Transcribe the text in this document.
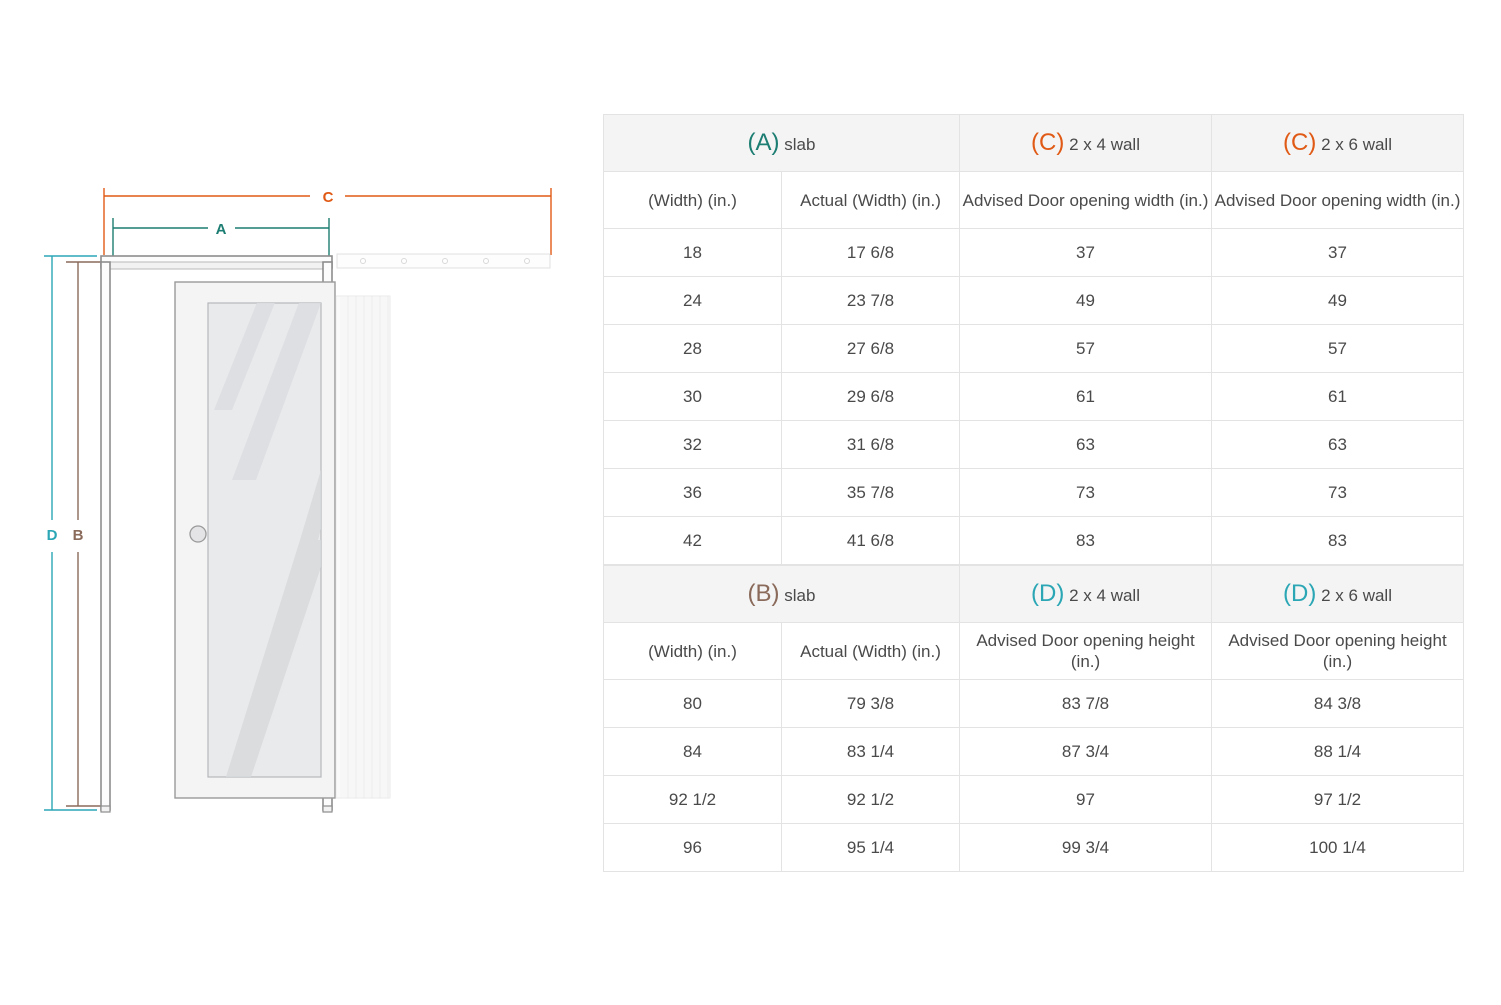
C
A
D B
(A) slab		(C) 2 x 4 wall	(C) 2 x 6 wall
(Width) (in.)	Actual (Width) (in.)	Advised Door opening width (in.)	Advised Door opening width (in.)
18	17 6/8	37	37
24	23 7/8	49	49
28	27 6/8	57	57
30	29 6/8	61	61
32	31 6/8	63	63
36	35 7/8	73	73
42	41 6/8	83	83
(B) slab		(D) 2 x 4 wall	(D) 2 x 6 wall
(Width) (in.)	Actual (Width) (in.)	Advised Door opening height (in.)	Advised Door opening height (in.)
80	79 3/8	83 7/8	84 3/8
84	83 1/4	87 3/4	88 1/4
92 1/2	92 1/2	97	97 1/2
96	95 1/4	99 3/4	100 1/4
